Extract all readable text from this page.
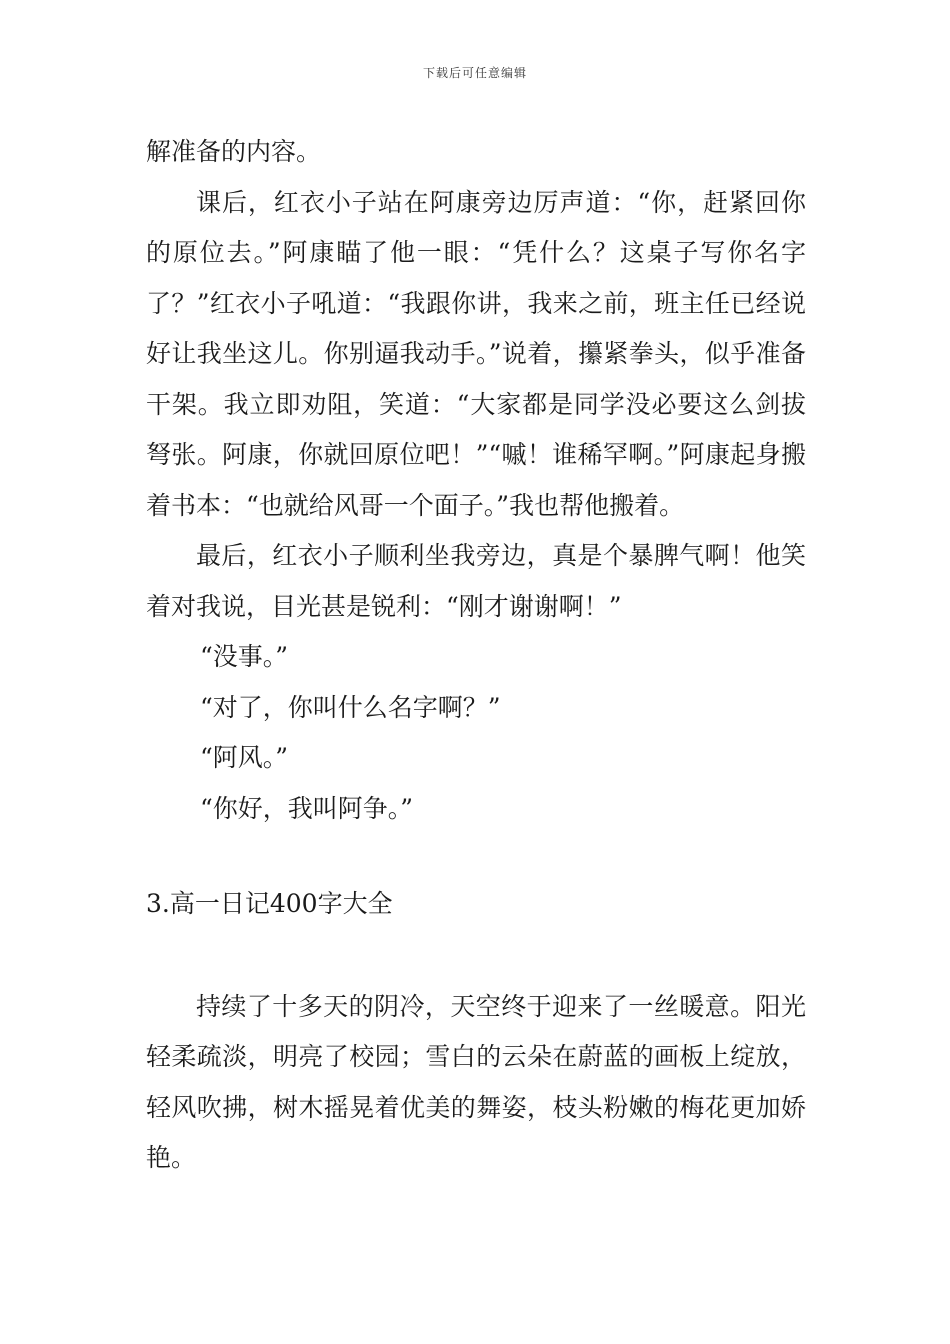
下载后可任意编辑

解准备的内容。

课后，红衣小子站在阿康旁边厉声道：“你，赶紧回你的原位去。”阿康瞄了他一眼：“凭什么？这桌子写你名字了？”红衣小子吼道：“我跟你讲，我来之前，班主任已经说好让我坐这儿。你别逼我动手。”说着，攥紧拳头，似乎准备干架。我立即劝阻，笑道：“大家都是同学没必要这么剑拔弩张。阿康，你就回原位吧！”“嘁！谁稀罕啊。”阿康起身搬着书本：“也就给风哥一个面子。”我也帮他搬着。

最后，红衣小子顺利坐我旁边，真是个暴脾气啊！他笑着对我说，目光甚是锐利：“刚才谢谢啊！”

“没事。”

“对了，你叫什么名字啊？”

“阿风。”

“你好，我叫阿争。”

3.高一日记400字大全

持续了十多天的阴冷，天空终于迎来了一丝暖意。阳光轻柔疏淡，明亮了校园；雪白的云朵在蔚蓝的画板上绽放，轻风吹拂，树木摇晃着优美的舞姿，枝头粉嫩的梅花更加娇艳。
